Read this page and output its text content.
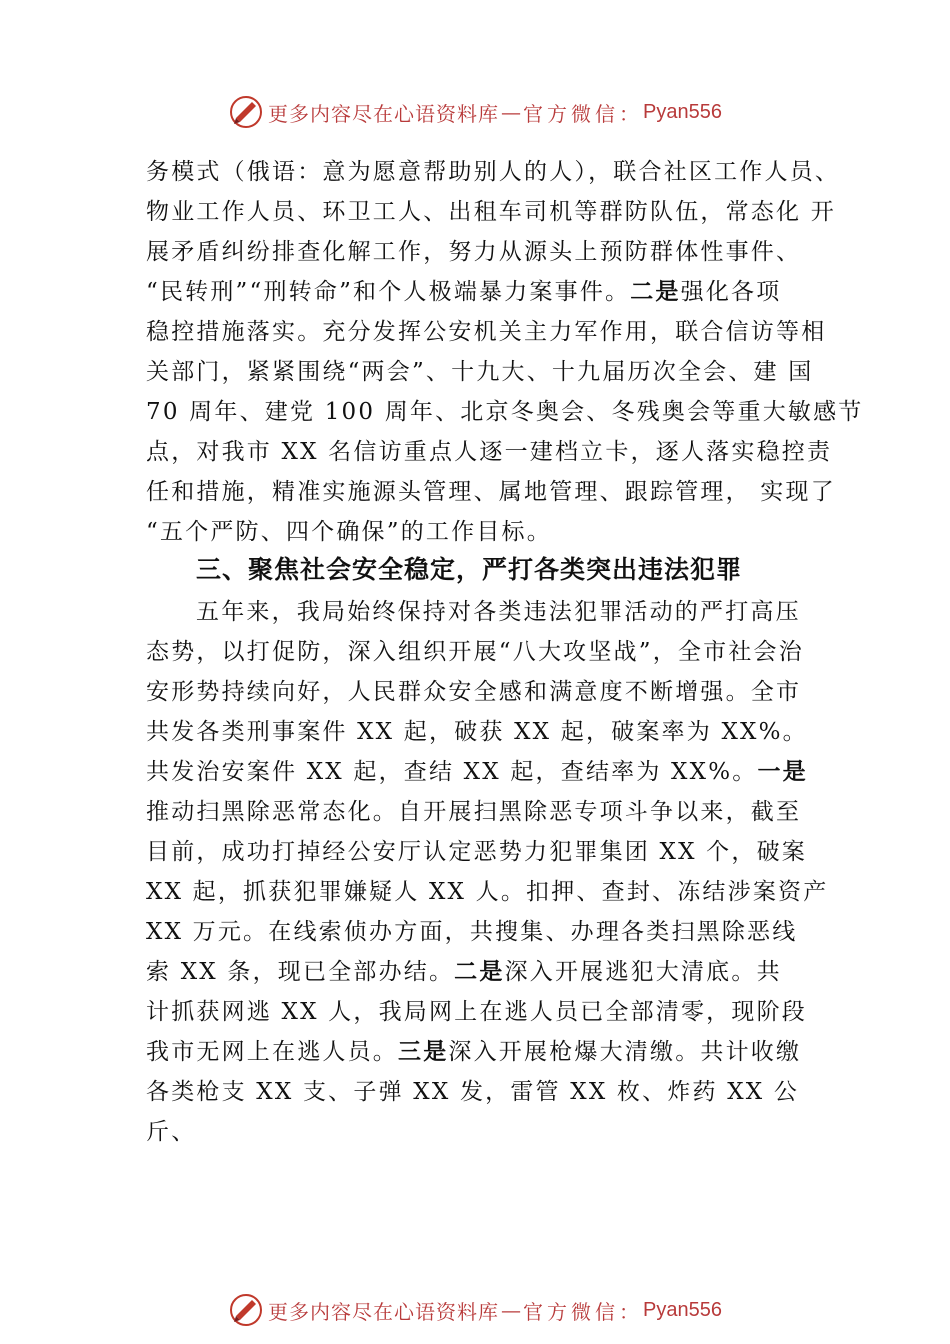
更多内容尽在心语资料库 — 官方微信： Pyan556
务模式（俄语：意为愿意帮助别人的人），联合社区工作人员、
物业工作人员、环卫工人、出租车司机等群防队伍，常态化 开
展矛盾纠纷排查化解工作，努力从源头上预防群体性事件、
“民转刑”“刑转命”和个人极端暴力案事件。二是强化各项
稳控措施落实。充分发挥公安机关主力军作用，联合信访等相
关部门，紧紧围绕“两会”、十九大、十九届历次全会、建 国
70 周年、建党 100 周年、北京冬奥会、冬残奥会等重大敏感节
点，对我市 XX 名信访重点人逐一建档立卡，逐人落实稳控责
任和措施，精准实施源头管理、属地管理、跟踪管理， 实现了
“五个严防、四个确保”的工作目标。
三、聚焦社会安全稳定，严打各类突出违法犯罪
五年来，我局始终保持对各类违法犯罪活动的严打高压
态势，以打促防，深入组织开展“八大攻坚战”，全市社会治
安形势持续向好，人民群众安全感和满意度不断增强。全市
共发各类刑事案件 XX 起，破获 XX 起，破案率为 XX%。
共发治安案件 XX 起，查结 XX 起，查结率为 XX%。一是
推动扫黑除恶常态化。自开展扫黑除恶专项斗争以来，截至
目前，成功打掉经公安厅认定恶势力犯罪集团 XX 个，破案
XX 起，抓获犯罪嫌疑人 XX 人。扣押、查封、冻结涉案资产
XX 万元。在线索侦办方面，共搜集、办理各类扫黑除恶线
索 XX 条，现已全部办结。二是深入开展逃犯大清底。共
计抓获网逃 XX 人，我局网上在逃人员已全部清零，现阶段
我市无网上在逃人员。三是深入开展枪爆大清缴。共计收缴
各类枪支 XX 支、子弹 XX 发，雷管 XX 枚、炸药 XX 公
斤、
更多内容尽在心语资料库 — 官方微信： Pyan556
